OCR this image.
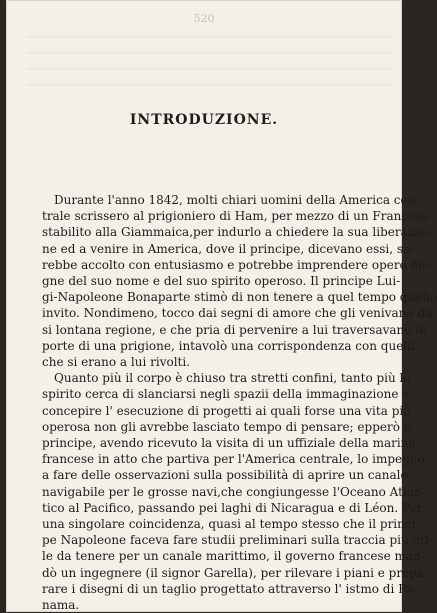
520
INTRODUZIONE.
Durante l'anno 1842, molti chiari uomini della America cen-
trale scrissero al prigioniero di Ham, per mezzo di un Francese
stabilito alla Giammaica,per indurlo a chiedere la sua liberazio-
ne ed a venire in America, dove il principe, dicevano essi, sa-
rebbe accolto con entusiasmo e potrebbe imprendere opere de-
gne del suo nome e del suo spirito operoso. Il principe Lui-
gi-Napoleone Bonaparte stimò di non tenere a quel tempo quello
invito. Nondimeno, tocco dai segni di amore che gli venivano da
si lontana regione, e che pria di pervenire a lui traversavano le
porte di una prigione, intavolò una corrispondenza con quelli
che si erano a lui rivolti.
Quanto più il corpo è chiuso tra stretti confini, tanto più lo
spirito cerca di slanciarsi negli spazii della immaginazione e
concepire l' esecuzione di progetti ai quali forse una vita più
operosa non gli avrebbe lasciato tempo di pensare; epperò il
principe, avendo ricevuto la visita di un uffiziale della marina
francese in atto che partiva per l'America centrale, lo impegnò
a fare delle osservazioni sulla possibilità di aprire un canale
navigabile per le grosse navi,che congiungesse l'Oceano Atlan-
tico al Pacifico, passando pei laghi di Nicaragua e di Léon. Per
una singolare coincidenza, quasi al tempo stesso che il princi-
pe Napoleone faceva fare studii preliminari sulla traccia più uti-
le da tenere per un canale marittimo, il governo francese man-
dò un ingegnere (il signor Garella), per rilevare i piani e prepa-
rare i disegni di un taglio progettato attraverso l' istmo di Pa-
nama.
